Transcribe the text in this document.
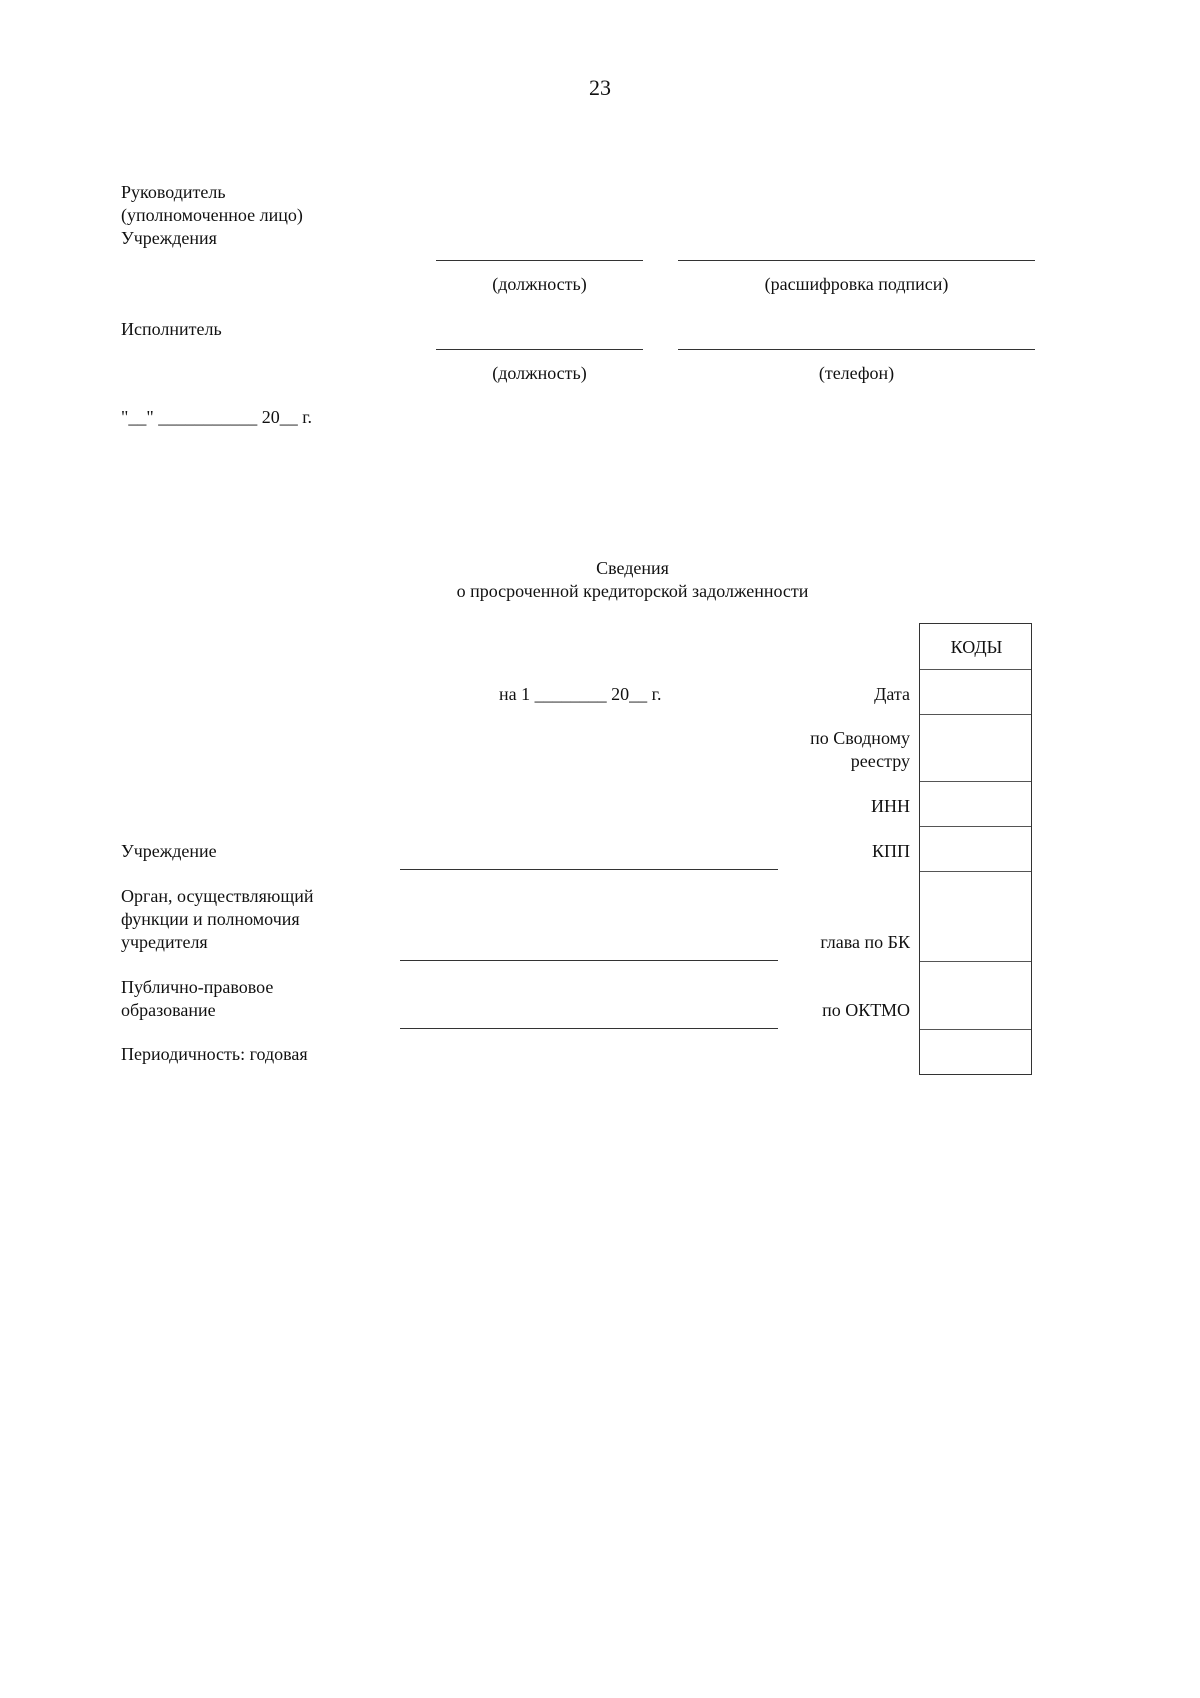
23
Руководитель
(уполномоченное лицо)
Учреждения
(должность)	(расшифровка подписи)
Исполнитель
(должность)	(телефон)
"__" ___________ 20__ г.
Сведения
о просроченной кредиторской задолженности
на 1 ________ 20__ г.
КОДЫ
Дата
по Сводному
реестру
ИНН
КПП
глава по БК
по ОКТМО
Учреждение
Орган, осуществляющий
функции и полномочия
учредителя
Публично-правовое
образование
Периодичность: годовая
